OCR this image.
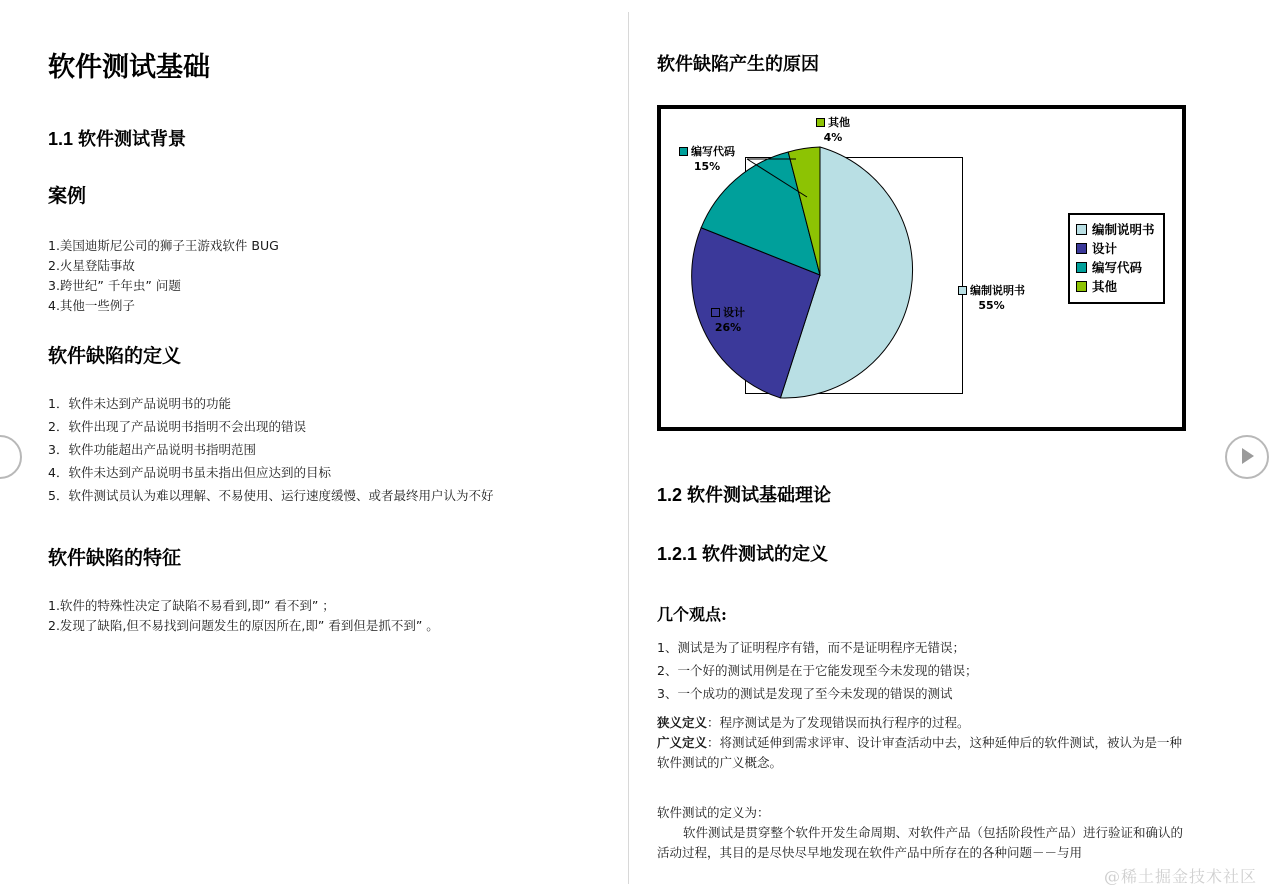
软件测试基础
1.1 软件测试背景
案例

1.美国迪斯尼公司的狮子王游戏软件 BUG

2.火星登陆事故

3.跨世纪” 千年虫” 问题

4.其他一些例子

软件缺陷的定义

1．软件未达到产品说明书的功能

2．软件出现了产品说明书指明不会出现的错误

3．软件功能超出产品说明书指明范围

4．软件未达到产品说明书虽未指出但应达到的目标

5．软件测试员认为难以理解、不易使用、运行速度缓慢、或者最终用户认为不好

软件缺陷的特征

1.软件的特殊性决定了缺陷不易看到,即” 看不到” ；

2.发现了缺陷,但不易找到问题发生的原因所在,即” 看到但是抓不到” 。

软件缺陷产生的原因
1.2 软件测试基础理论
1.2.1 软件测试的定义
几个观点:

1、测试是为了证明程序有错，而不是证明程序无错误；

2、一个好的测试用例是在于它能发现至今未发现的错误；

3、一个成功的测试是发现了至今未发现的错误的测试

狭义定义：程序测试是为了发现错误而执行程序的过程。

广义定义：将测试延伸到需求评审、设计审查活动中去，这种延伸后的软件测试，被认为是一种软件测试的广义概念。

软件测试的定义为：

软件测试是贯穿整个软件开发生命周期、对软件产品（包括阶段性产品）进行验证和确认的活动过程，其目的是尽快尽早地发现在软件产品中所存在的各种问题－－与用

其他
4%
编写代码
15%
设计
26%
编制说明书
55%
编制说明书
设计
编写代码
其他
@稀土掘金技术社区
